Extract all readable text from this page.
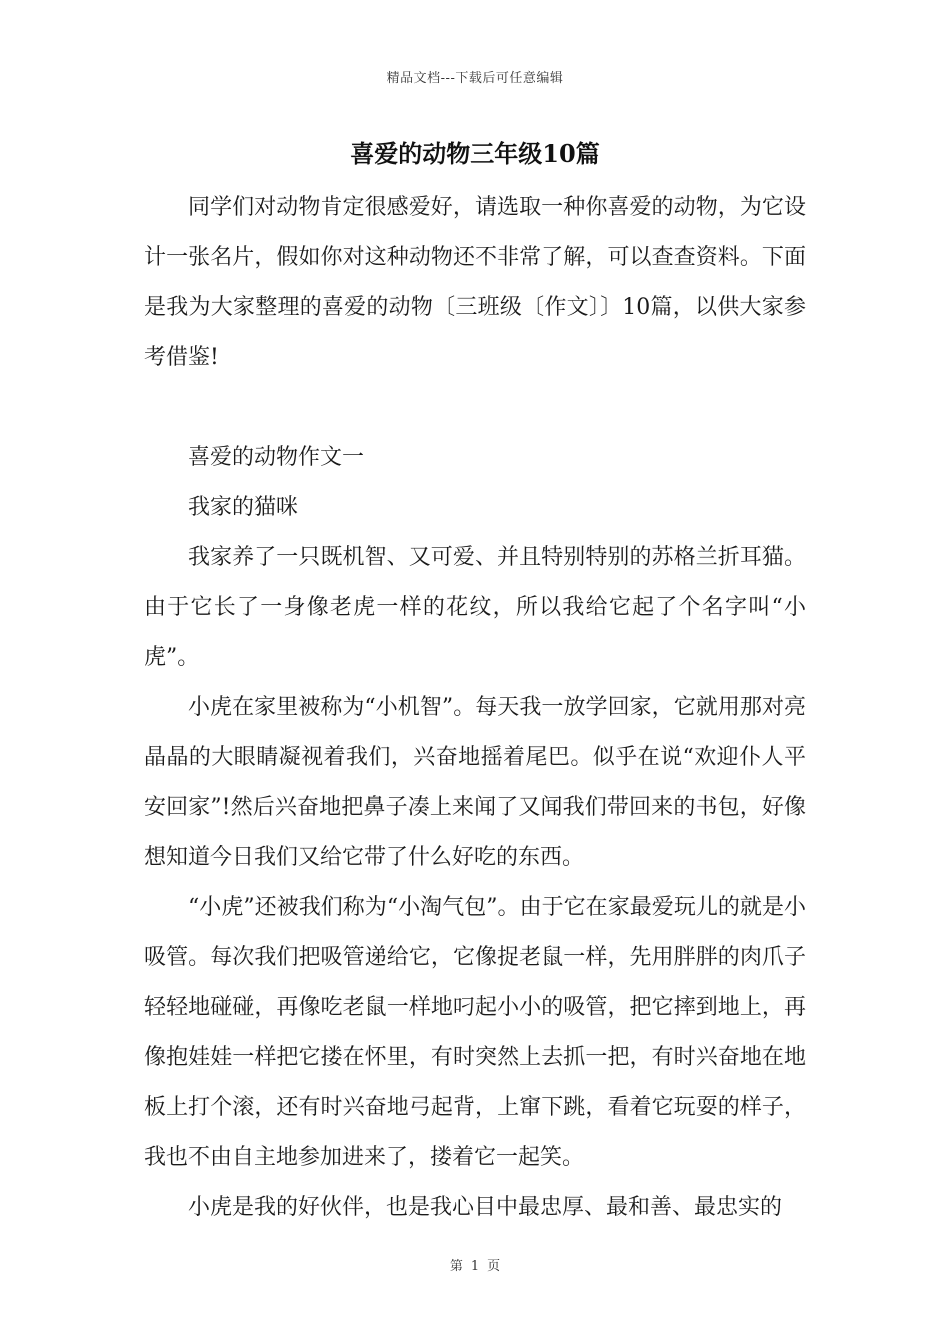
精品文档---下载后可任意编辑
喜爱的动物三年级10篇

同学们对动物肯定很感爱好，请选取一种你喜爱的动物，为它设计一张名片，假如你对这种动物还不非常了解，可以查查资料。下面是我为大家整理的喜爱的动物〔三班级〔作文〕〕10篇，以供大家参考借鉴!

喜爱的动物作文一

我家的猫咪

我家养了一只既机智、又可爱、并且特别特别的苏格兰折耳猫。由于它长了一身像老虎一样的花纹，所以我给它起了个名字叫“小虎”。

小虎在家里被称为“小机智”。每天我一放学回家，它就用那对亮晶晶的大眼睛凝视着我们，兴奋地摇着尾巴。似乎在说“欢迎仆人平安回家”!然后兴奋地把鼻子凑上来闻了又闻我们带回来的书包，好像想知道今日我们又给它带了什么好吃的东西。

“小虎”还被我们称为“小淘气包”。由于它在家最爱玩儿的就是小吸管。每次我们把吸管递给它，它像捉老鼠一样，先用胖胖的肉爪子轻轻地碰碰，再像吃老鼠一样地叼起小小的吸管，把它摔到地上，再像抱娃娃一样把它搂在怀里，有时突然上去抓一把，有时兴奋地在地板上打个滚，还有时兴奋地弓起背，上窜下跳，看着它玩耍的样子，我也不由自主地参加进来了，搂着它一起笑。

小虎是我的好伙伴，也是我心目中最忠厚、最和善、最忠实的

第 1 页
